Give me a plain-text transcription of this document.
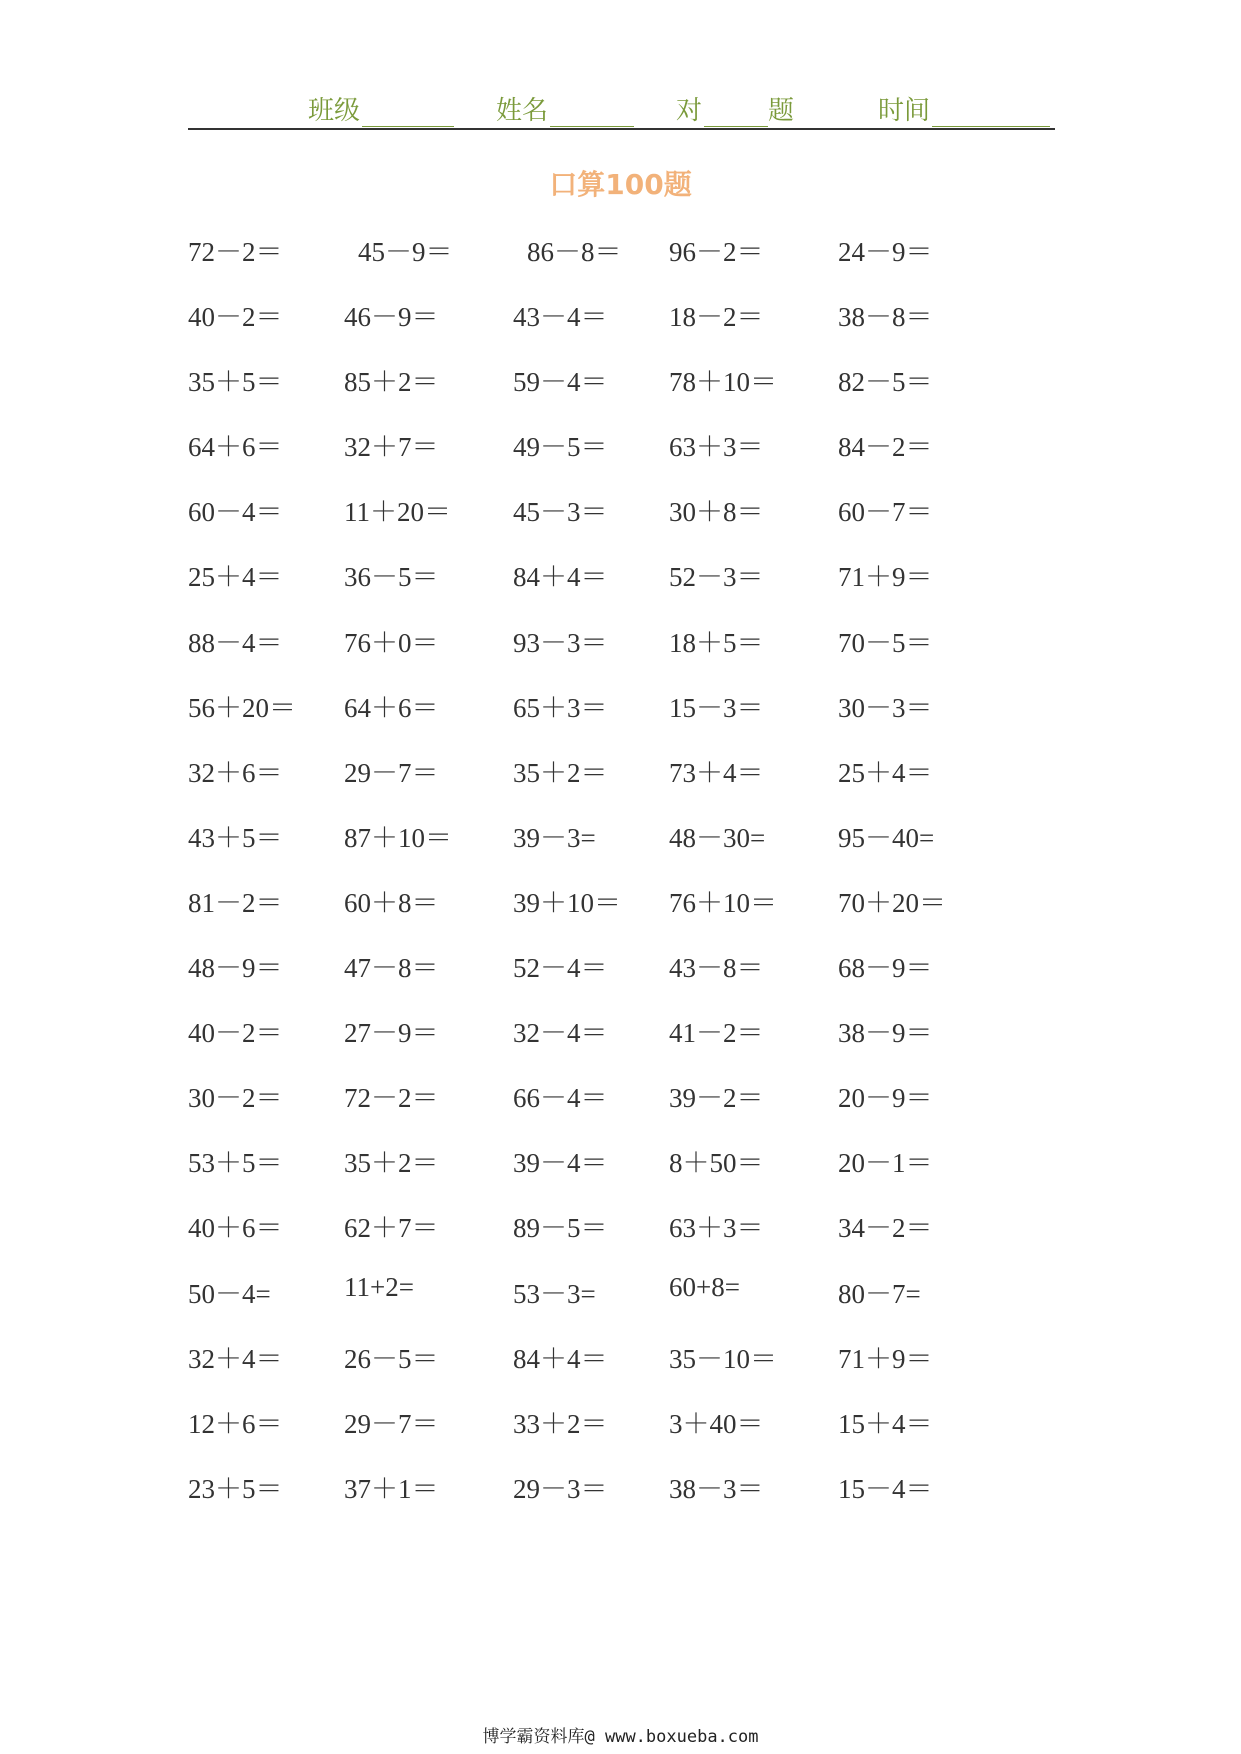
班级	姓名	对	题	时间
口算100题
72－2＝	45－9＝	86－8＝ 96－2＝	24－9＝
40－2＝ 46－9＝	43－4＝ 18－2＝	38－8＝
35＋5＝ 85＋2＝	59－4＝ 78＋10＝ 82－5＝
64＋6＝ 32＋7＝	49－5＝ 63＋3＝	84－2＝
60－4＝ 11＋20＝ 45－3＝ 30＋8＝	60－7＝
25＋4＝ 36－5＝	84＋4＝ 52－3＝	71＋9＝
88－4＝ 76＋0＝	93－3＝ 18＋5＝	70－5＝
56＋20＝ 64＋6＝	65＋3＝ 15－3＝	30－3＝
32＋6＝ 29－7＝	35＋2＝ 73＋4＝	25＋4＝
43＋5＝ 87＋10＝ 39－3=	48－30=	95－40=
81－2＝ 60＋8＝	39＋10＝ 76＋10＝ 70＋20＝
48－9＝ 47－8＝	52－4＝ 43－8＝	68－9＝
40－2＝ 27－9＝	32－4＝ 41－2＝	38－9＝
30－2＝ 72－2＝	66－4＝ 39－2＝	20－9＝
53＋5＝ 35＋2＝	39－4＝ 8＋50＝	20－1＝
40＋6＝ 62＋7＝	89－5＝ 63＋3＝	34－2＝
50－4=	11+2=	53－3=	60+8=	80－7=
32＋4＝ 26－5＝	84＋4＝ 35－10＝ 71＋9＝
12＋6＝ 29－7＝	33＋2＝ 3＋40＝	15＋4＝
23＋5＝ 37＋1＝	29－3＝ 38－3＝	15－4＝
博学霸资料库@ www.boxueba.com
